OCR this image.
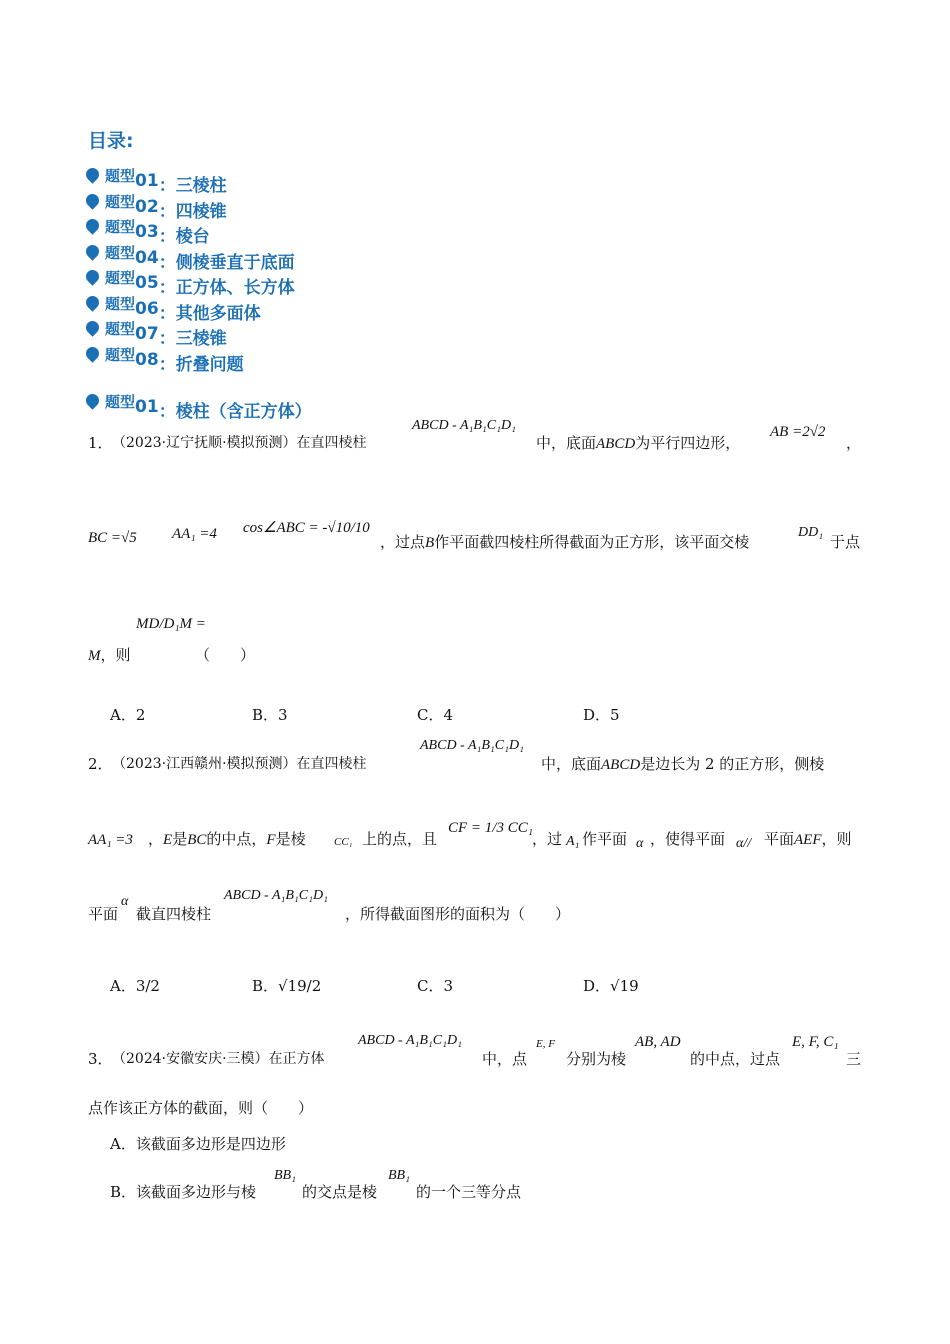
目录:
题型01：三棱柱
题型02：四棱锥
题型03：棱台
题型04：侧棱垂直于底面
题型05：正方体、长方体
题型06：其他多面体
题型07：三棱锥
题型08：折叠问题
题型01：棱柱（含正方体）
1． （2023·辽宁抚顺·模拟预测）在直四棱柱
ABCD - A₁B₁C₁D₁
中，底面ABCD为平行四边形，
AB =2√2
，
BC =√5 AA₁ =4 cos∠ABC = -√10/10
，过点B作平面截四棱柱所得截面为正方形，该平面交棱
DD₁
于点
M，则
MD/D₁M =
（　　）
A．2	B．3	C．4	D．5
2． （2023·江西赣州·模拟预测）在直四棱柱
ABCD - A₁B₁C₁D₁
中，底面ABCD是边长为 2 的正方形，侧棱
AA₁ =3 ，E是BC的中点，F是棱	CC₁ 上的点，且
CF = 1/3 CC₁
，过 A₁ 作平面 α ，使得平面 α// 平面AEF，则
平面
α
截直四棱柱
ABCD - A₁B₁C₁D₁
，所得截面图形的面积为（　　）
A．3/2	B．√19/2	C．3	D．√19
3． （2024·安徽安庆·三模）在正方体
ABCD - A₁B₁C₁D₁
中，点
E, F
分别为棱
AB, AD
的中点，过点
E, F, C₁
三
点作该正方体的截面，则（　　）
A．该截面多边形是四边形
B．该截面多边形与棱
BB₁
的交点是棱
BB₁
的一个三等分点
